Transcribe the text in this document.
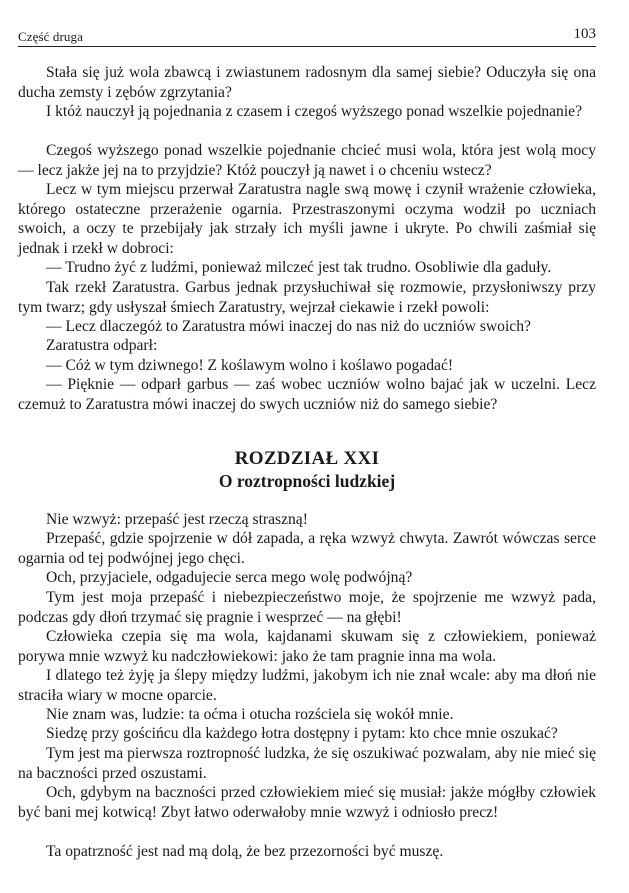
Część druga	103

Stała się już wola zbawcą i zwiastunem radosnym dla samej siebie? Oduczyła się ona ducha zemsty i zębów zgrzytania?

I któż nauczył ją pojednania z czasem i czegoś wyższego ponad wszelkie pojednanie?

Czegoś wyższego ponad wszelkie pojednanie chcieć musi wola, która jest wolą mocy — lecz jakże jej na to przyjdzie? Któż pouczył ją nawet i o chceniu wstecz?

Lecz w tym miejscu przerwał Zaratustra nagle swą mowę i czynił wrażenie człowieka, którego ostateczne przerażenie ogarnia. Przestraszonymi oczyma wodził po uczniach swoich, a oczy te przebijały jak strzały ich myśli jawne i ukryte. Po chwili zaśmiał się jednak i rzekł w dobroci:

— Trudno żyć z ludźmi, ponieważ milczeć jest tak trudno. Osobliwie dla gaduły.

Tak rzekł Zaratustra. Garbus jednak przysłuchiwał się rozmowie, przysłoniwszy przy tym twarz; gdy usłyszał śmiech Zaratustry, wejrzał ciekawie i rzekł powoli:

— Lecz dlaczegóż to Zaratustra mówi inaczej do nas niż do uczniów swoich?

Zaratustra odparł:

— Cóż w tym dziwnego! Z koślawym wolno i koślawo pogadać!

— Pięknie — odparł garbus — zaś wobec uczniów wolno bajać jak w uczelni. Lecz czemuż to Zaratustra mówi inaczej do swych uczniów niż do samego siebie?

ROZDZIAŁ XXI
O roztropności ludzkiej

Nie wzwyż: przepaść jest rzeczą straszną!

Przepaść, gdzie spojrzenie w dół zapada, a ręka wzwyż chwyta. Zawrót wówczas serce ogarnia od tej podwójnej jego chęci.

Och, przyjaciele, odgadujecie serca mego wolę podwójną?

Tym jest moja przepaść i niebezpieczeństwo moje, że spojrzenie me wzwyż pada, podczas gdy dłoń trzymać się pragnie i wesprzeć — na głębi!

Człowieka czepia się ma wola, kajdanami skuwam się z człowiekiem, ponieważ porywa mnie wzwyż ku nadczłowiekowi: jako że tam pragnie inna ma wola.

I dlatego też żyję ja ślepy między ludźmi, jakobym ich nie znał wcale: aby ma dłoń nie straciła wiary w mocne oparcie.

Nie znam was, ludzie: ta oćma i otucha rozściela się wokół mnie.

Siedzę przy gościńcu dla każdego łotra dostępny i pytam: kto chce mnie oszukać?

Tym jest ma pierwsza roztropność ludzka, że się oszukiwać pozwalam, aby nie mieć się na baczności przed oszustami.

Och, gdybym na baczności przed człowiekiem mieć się musiał: jakże mógłby człowiek być bani mej kotwicą! Zbyt łatwo oderwałoby mnie wzwyż i odniosło precz!

Ta opatrzność jest nad mą dolą, że bez przezorności być muszę.
